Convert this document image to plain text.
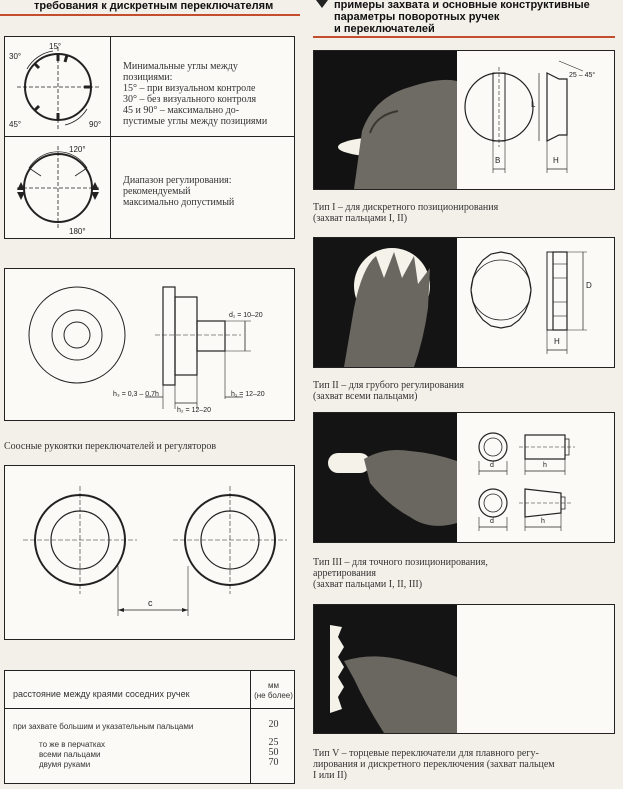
требования к дискретным переключателям	примеры захвата и основные конструктивные
параметры поворотных ручек
и переключателей
15°
30°
45°	90°
Минимальные углы между
позициями:
15° – при визуальном контроле
30° – без визуального контроля
45 и 90° – максимально до-
пустимые углы между позициями
120°
180°
Диапазон регулирования:
рекомендуемый
максимально допустимый
d₁ = 10–20
h₃ = 0,3 – 0,7h
h₂ = 12–20
h₁ = 12–20
Соосные рукоятки переключателей и регуляторов
c
расстояние между краями соседних ручек
мм
(не более)
при захвате большим и указательным пальцами	20
то же в перчатках	25
всеми пальцами	50
двумя руками	70
25 – 45°
L
B	H
Тип I – для дискретного позиционирования
(захват пальцами I, II)
D
H
Тип II – для грубого регулирования
(захват всеми пальцами)
d	h
d	h
Тип III – для точного позиционирования,
арретирования
(захват пальцами I, II, III)
Тип V – торцевые переключатели для плавного регу-
лирования и дискретного переключения (захват пальцем
I или II)
